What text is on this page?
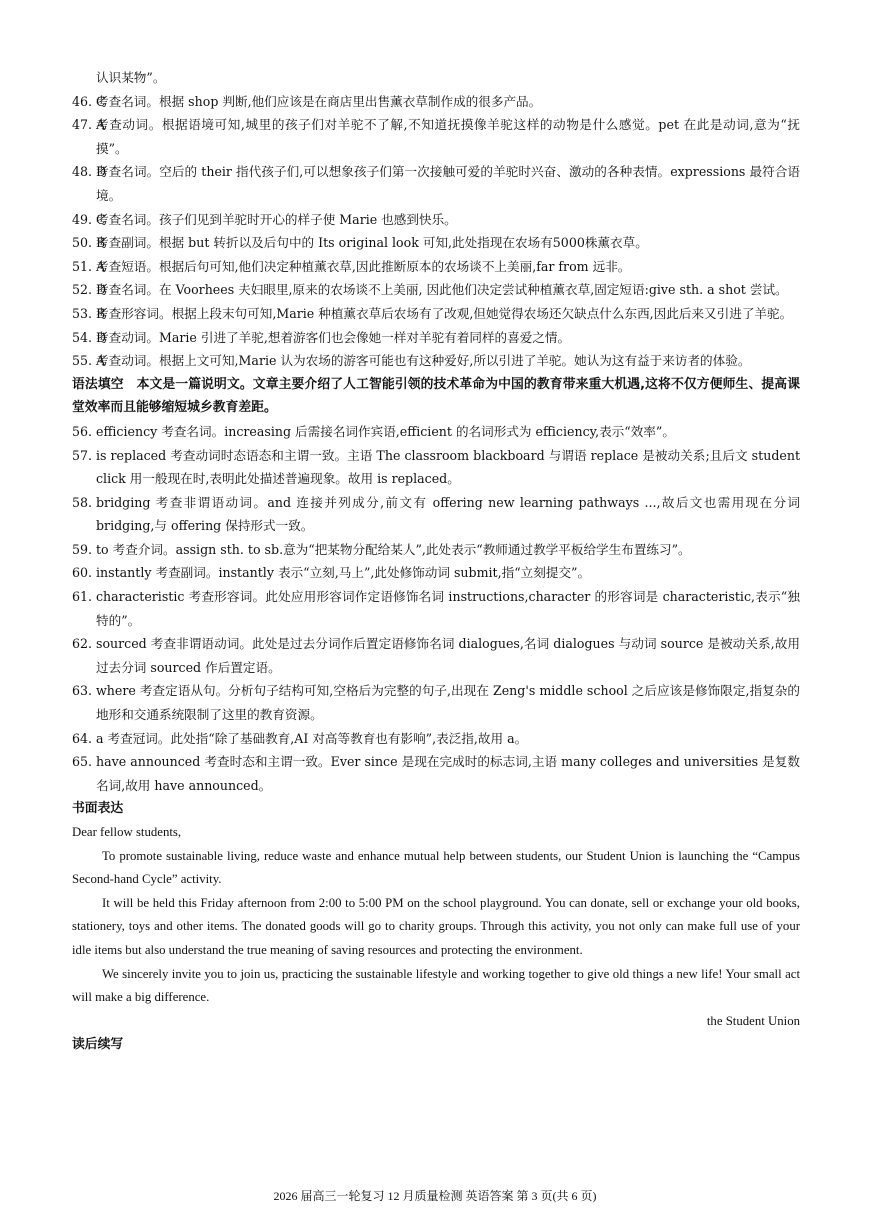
认识某物”。
46. C
考查名词。根据 shop 判断,他们应该是在商店里出售薰衣草制作成的很多产品。
47. A
考查动词。根据语境可知,城里的孩子们对羊驼不了解,不知道抚摸像羊驼这样的动物是什么感觉。pet 在此是动词,意为“抚摸”。
48. D
考查名词。空后的 their 指代孩子们,可以想象孩子们第一次接触可爱的羊驼时兴奋、激动的各种表情。expressions 最符合语境。
49. C
考查名词。孩子们见到羊驼时开心的样子使 Marie 也感到快乐。
50. B
考查副词。根据 but 转折以及后句中的 Its original look 可知,此处指现在农场有5000株薰衣草。
51. A
考查短语。根据后句可知,他们决定种植薰衣草,因此推断原本的农场谈不上美丽,far from 远非。
52. D
考查名词。在 Voorhees 夫妇眼里,原来的农场谈不上美丽, 因此他们决定尝试种植薰衣草,固定短语:give sth. a shot 尝试。
53. B
考查形容词。根据上段末句可知,Marie 种植薰衣草后农场有了改观,但她觉得农场还欠缺点什么东西,因此后来又引进了羊驼。
54. D
考查动词。Marie 引进了羊驼,想着游客们也会像她一样对羊驼有着同样的喜爱之情。
55. A
考查动词。根据上文可知,Marie 认为农场的游客可能也有这种爱好,所以引进了羊驼。她认为这有益于来访者的体验。
语法填空　本文是一篇说明文。文章主要介绍了人工智能引领的技术革命为中国的教育带来重大机遇,这将不仅方便师生、提高课堂效率而且能够缩短城乡教育差距。
56. efficiency 考查名词。increasing 后需接名词作宾语,efficient 的名词形式为 efficiency,表示“效率”。
57. is replaced 考查动词时态语态和主谓一致。主语 The classroom blackboard 与谓语 replace 是被动关系;且后文 student click 用一般现在时,表明此处描述普遍现象。故用 is replaced。
58. bridging 考查非谓语动词。and 连接并列成分,前文有 offering new learning pathways ...,故后文也需用现在分词 bridging,与 offering 保持形式一致。
59. to 考查介词。assign sth. to sb.意为“把某物分配给某人”,此处表示“教师通过教学平板给学生布置练习”。
60. instantly 考查副词。instantly 表示“立刻,马上”,此处修饰动词 submit,指“立刻提交”。
61. characteristic 考查形容词。此处应用形容词作定语修饰名词 instructions,character 的形容词是 characteristic,表示“独特的”。
62. sourced 考查非谓语动词。此处是过去分词作后置定语修饰名词 dialogues,名词 dialogues 与动词 source 是被动关系,故用过去分词 sourced 作后置定语。
63. where 考查定语从句。分析句子结构可知,空格后为完整的句子,出现在 Zeng's middle school 之后应该是修饰限定,指复杂的地形和交通系统限制了这里的教育资源。
64. a 考查冠词。此处指“除了基础教育,AI 对高等教育也有影响”,表泛指,故用 a。
65. have announced 考查时态和主谓一致。Ever since 是现在完成时的标志词,主语 many colleges and universities 是复数名词,故用 have announced。
书面表达
Dear fellow students,
To promote sustainable living, reduce waste and enhance mutual help between students, our Student Union is launching the “Campus Second-hand Cycle” activity.
It will be held this Friday afternoon from 2:00 to 5:00 PM on the school playground. You can donate, sell or exchange your old books, stationery, toys and other items. The donated goods will go to charity groups. Through this activity, you not only can make full use of your idle items but also understand the true meaning of saving resources and protecting the environment.
We sincerely invite you to join us, practicing the sustainable lifestyle and working together to give old things a new life! Your small act will make a big difference.
the Student Union
读后续写
2026 届高三一轮复习 12 月质量检测 英语答案 第 3 页(共 6 页)
